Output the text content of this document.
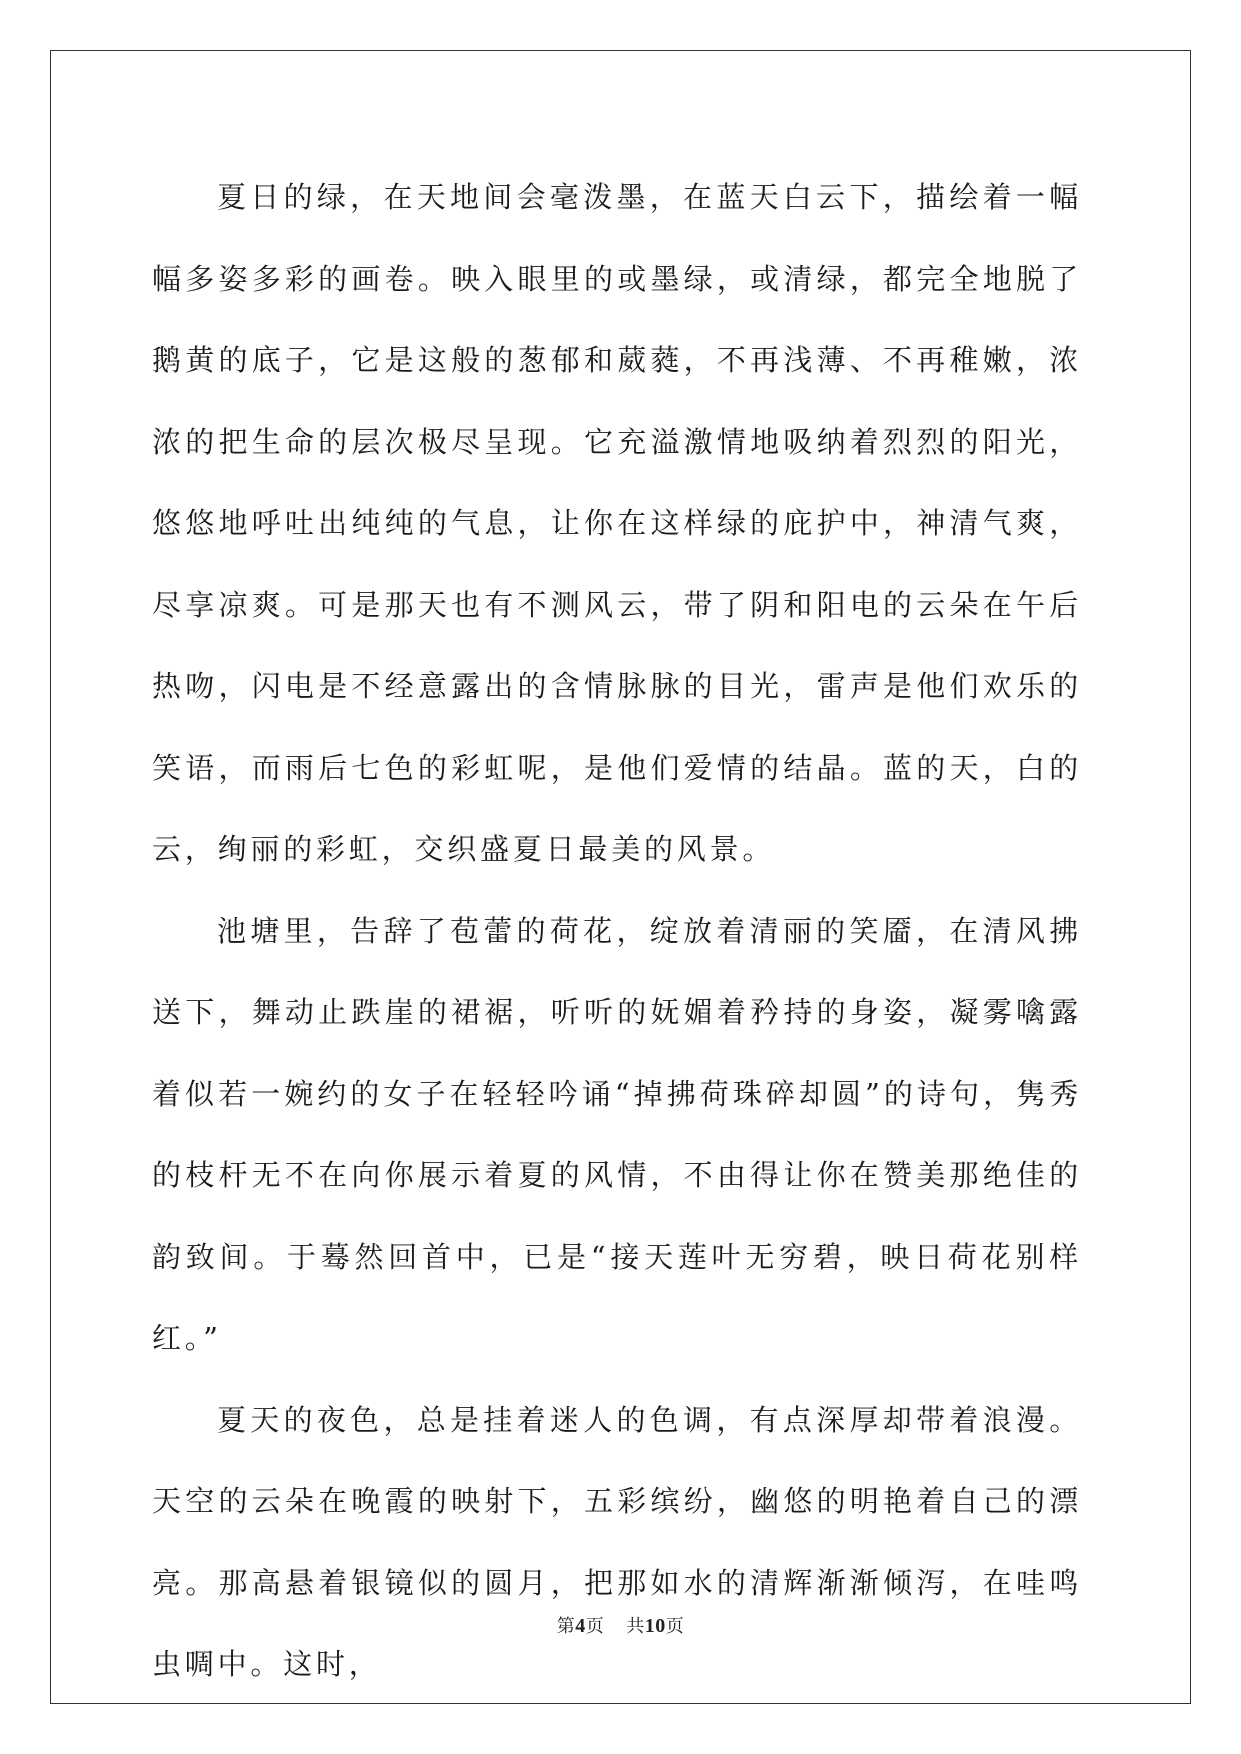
夏日的绿，在天地间会毫泼墨，在蓝天白云下，描绘着一幅幅多姿多彩的画卷。映入眼里的或墨绿，或清绿，都完全地脱了鹅黄的底子，它是这般的葱郁和葳蕤，不再浅薄、不再稚嫩，浓浓的把生命的层次极尽呈现。它充溢激情地吸纳着烈烈的阳光，悠悠地呼吐出纯纯的气息，让你在这样绿的庇护中，神清气爽，尽享凉爽。可是那天也有不测风云，带了阴和阳电的云朵在午后热吻，闪电是不经意露出的含情脉脉的目光，雷声是他们欢乐的笑语，而雨后七色的彩虹呢，是他们爱情的结晶。蓝的天，白的云，绚丽的彩虹，交织盛夏日最美的风景。

池塘里，告辞了苞蕾的荷花，绽放着清丽的笑靥，在清风拂送下，舞动止跌崖的裙裾，听听的妩媚着矜持的身姿，凝雾噙露着似若一婉约的女子在轻轻吟诵“掉拂荷珠碎却圆”的诗句，隽秀的枝杆无不在向你展示着夏的风情，不由得让你在赞美那绝佳的韵致间。于蓦然回首中，已是“接天莲叶无穷碧，映日荷花别样红。”

夏天的夜色，总是挂着迷人的色调，有点深厚却带着浪漫。天空的云朵在晚霞的映射下，五彩缤纷，幽悠的明艳着自己的漂亮。那高悬着银镜似的圆月，把那如水的清辉渐渐倾泻，在哇鸣虫啁中。这时，

第4页 共10页
